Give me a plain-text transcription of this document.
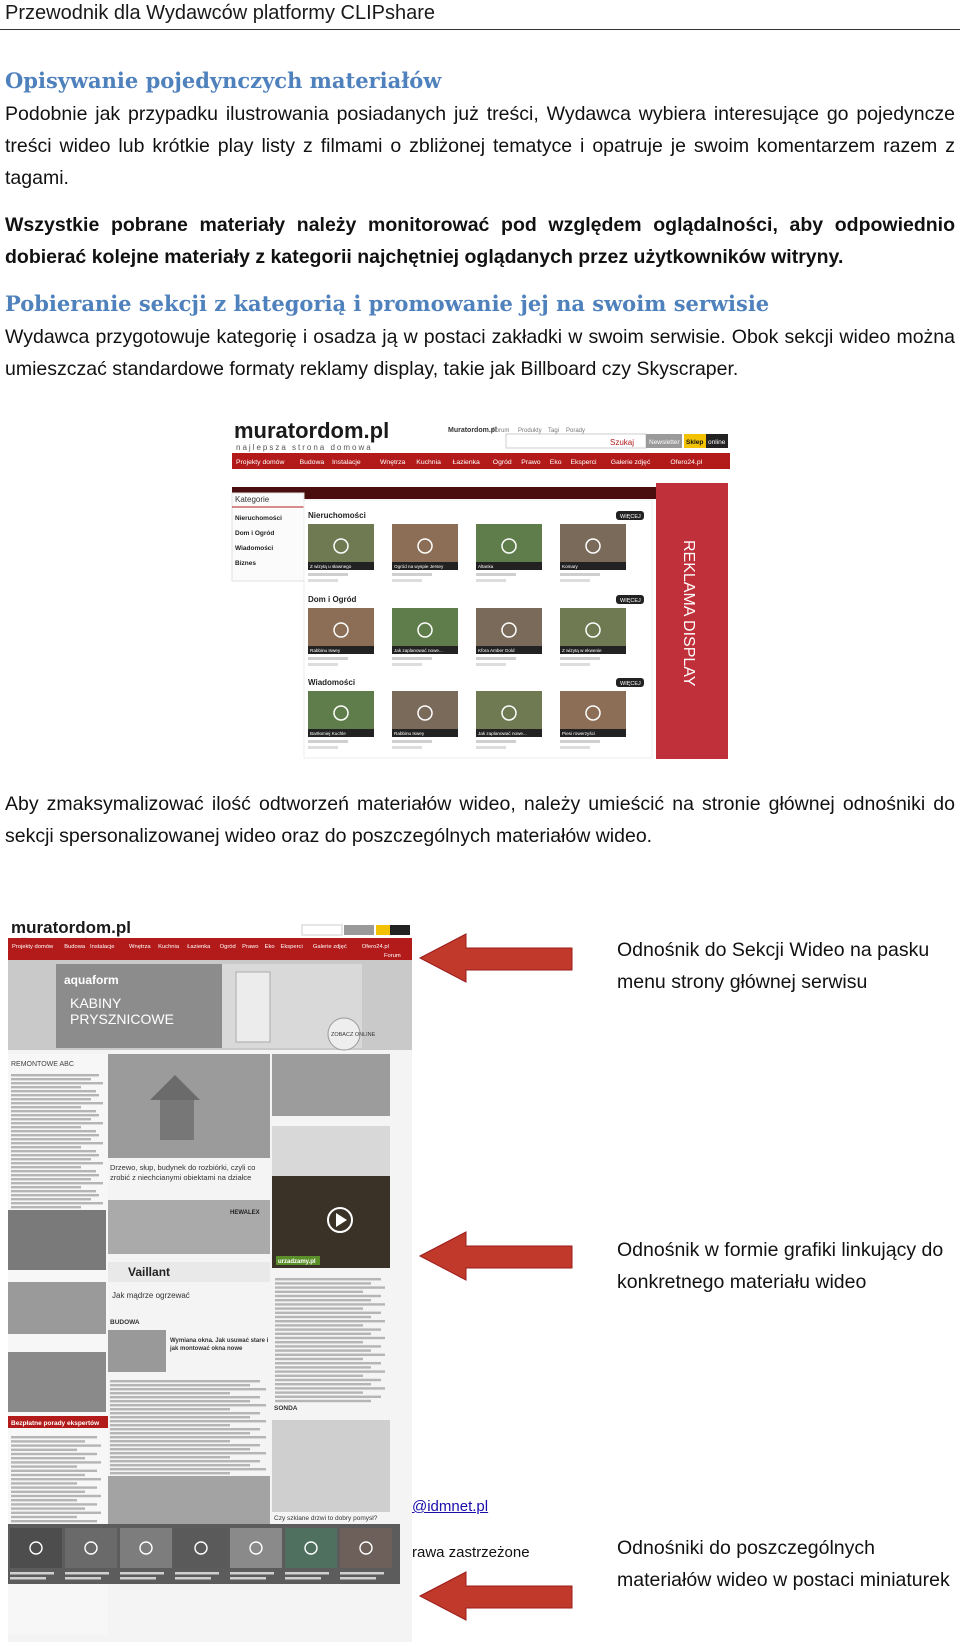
Przewodnik dla Wydawców platformy CLIPshare
Opisywanie pojedynczych materiałów
Podobnie jak przypadku ilustrowania posiadanych już treści, Wydawca wybiera interesujące go pojedyncze treści wideo lub krótkie play listy z filmami o zbliżonej tematyce i opatruje je swoim komentarzem razem z tagami.
Wszystkie pobrane materiały należy monitorować pod względem oglądalności, aby odpowiednio dobierać kolejne materiały z kategorii najchętniej oglądanych przez użytkowników witryny.
Pobieranie sekcji z kategorią i promowanie jej na swoim serwisie
Wydawca przygotowuje kategorię i osadza ją w postaci zakładki w swoim serwisie. Obok sekcji wideo można umieszczać standardowe formaty reklamy display, takie jak Billboard czy Skyscraper.
muratordom.pl
najlepsza strona domowa
Muratordom.pl
Forum Produkty Tagi Porady
Szukaj Newsletter Sklep online
Projekty domów Budowa Instalacje	Wnętrza Kuchnia Łazienka Ogród Prawo Eko Eksperci Galerie zdjęć	Ofero24.pl
Kategorie
Nieruchomości
Dom i Ogród
Wiadomości
Biznes
Nieruchomości	WIĘCEJ
Z wizytą u sławnego	Ogród na wyspie Jersey	Altanka	Komary
Dom i Ogród	WIĘCEJ
Rabbinu Iswey	Jak zaplanować nowe...	Kfora Amber Gold	Z wizytą w ekwenie
Wiadomości	WIĘCEJ
Bartłomiej Kuchle	Rabbinu Iswey	Jak zaplanować nowe...	Piesi rowerzyści
REKLAMA DISPLAY
Aby zmaksymalizować ilość odtworzeń materiałów wideo, należy umieścić na stronie głównej odnośniki do sekcji spersonalizowanej wideo oraz do poszczególnych materiałów wideo.
muratordom.pl
Projekty domów Budowa Instalacje	Wnętrza Kuchnia Łazienka Ogród Prawo Eko Eksperci Galerie zdjęć	Ofero24.pl
Forum
aquaform
KABINY
PRYSZNICOWE
ZOBACZ ONLINE
REMONTOWE ABC
Bezpłatne porady ekspertów
Drzewo, słup, budynek do rozbiórki, czyli co zrobić z niechcianymi obiektami na działce
HEWALEX
Vaillant
Jak mądrze ogrzewać
BUDOWA
Wymiana okna. Jak usuwać stare i jak montować okna nowe
urzadzamy.pl
SONDA
Czy szklane drzwi to dobry pomysł?
@idmnet.pl
rawa zastrzeżone
Odnośnik do Sekcji Wideo na pasku menu strony głównej serwisu
Odnośnik w formie grafiki linkujący do konkretnego materiału wideo
Odnośniki do poszczególnych materiałów wideo w postaci miniaturek
